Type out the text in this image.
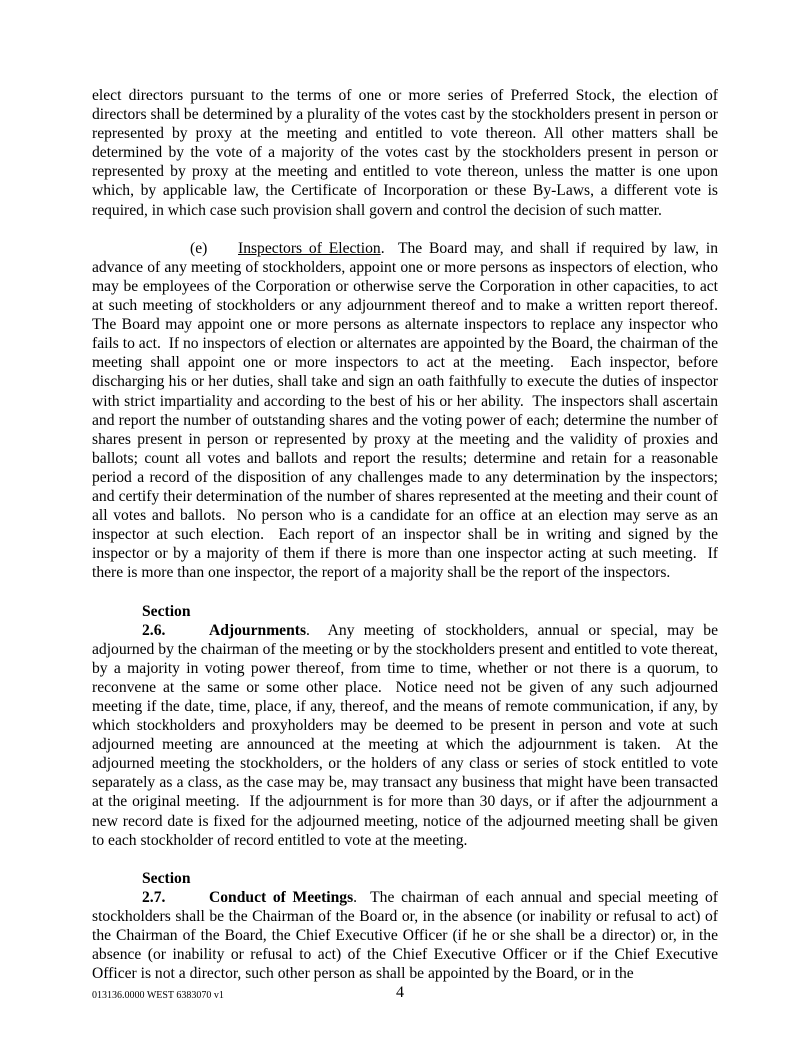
elect directors pursuant to the terms of one or more series of Preferred Stock, the election of directors shall be determined by a plurality of the votes cast by the stockholders present in person or represented by proxy at the meeting and entitled to vote thereon. All other matters shall be determined by the vote of a majority of the votes cast by the stockholders present in person or represented by proxy at the meeting and entitled to vote thereon, unless the matter is one upon which, by applicable law, the Certificate of Incorporation or these By-Laws, a different vote is required, in which case such provision shall govern and control the decision of such matter.

(e) Inspectors of Election.  The Board may, and shall if required by law, in advance of any meeting of stockholders, appoint one or more persons as inspectors of election, who may be employees of the Corporation or otherwise serve the Corporation in other capacities, to act at such meeting of stockholders or any adjournment thereof and to make a written report thereof.  The Board may appoint one or more persons as alternate inspectors to replace any inspector who fails to act.  If no inspectors of election or alternates are appointed by the Board, the chairman of the meeting shall appoint one or more inspectors to act at the meeting.  Each inspector, before discharging his or her duties, shall take and sign an oath faithfully to execute the duties of inspector with strict impartiality and according to the best of his or her ability.  The inspectors shall ascertain and report the number of outstanding shares and the voting power of each; determine the number of shares present in person or represented by proxy at the meeting and the validity of proxies and ballots; count all votes and ballots and report the results; determine and retain for a reasonable period a record of the disposition of any challenges made to any determination by the inspectors; and certify their determination of the number of shares represented at the meeting and their count of all votes and ballots.  No person who is a candidate for an office at an election may serve as an inspector at such election.  Each report of an inspector shall be in writing and signed by the inspector or by a majority of them if there is more than one inspector acting at such meeting.  If there is more than one inspector, the report of a majority shall be the report of the inspectors.

Section 2.6.	Adjournments.  Any meeting of stockholders, annual or special, may be adjourned by the chairman of the meeting or by the stockholders present and entitled to vote thereat, by a majority in voting power thereof, from time to time, whether or not there is a quorum, to reconvene at the same or some other place.  Notice need not be given of any such adjourned meeting if the date, time, place, if any, thereof, and the means of remote communication, if any, by which stockholders and proxyholders may be deemed to be present in person and vote at such adjourned meeting are announced at the meeting at which the adjournment is taken.  At the adjourned meeting the stockholders, or the holders of any class or series of stock entitled to vote separately as a class, as the case may be, may transact any business that might have been transacted at the original meeting.  If the adjournment is for more than 30 days, or if after the adjournment a new record date is fixed for the adjourned meeting, notice of the adjourned meeting shall be given to each stockholder of record entitled to vote at the meeting.

Section 2.7.	Conduct of Meetings.  The chairman of each annual and special meeting of stockholders shall be the Chairman of the Board or, in the absence (or inability or refusal to act) of the Chairman of the Board, the Chief Executive Officer (if he or she shall be a director) or, in the absence (or inability or refusal to act) of the Chief Executive Officer or if the Chief Executive Officer is not a director, such other person as shall be appointed by the Board, or in the

013136.0000 WEST 6383070 v1	4
